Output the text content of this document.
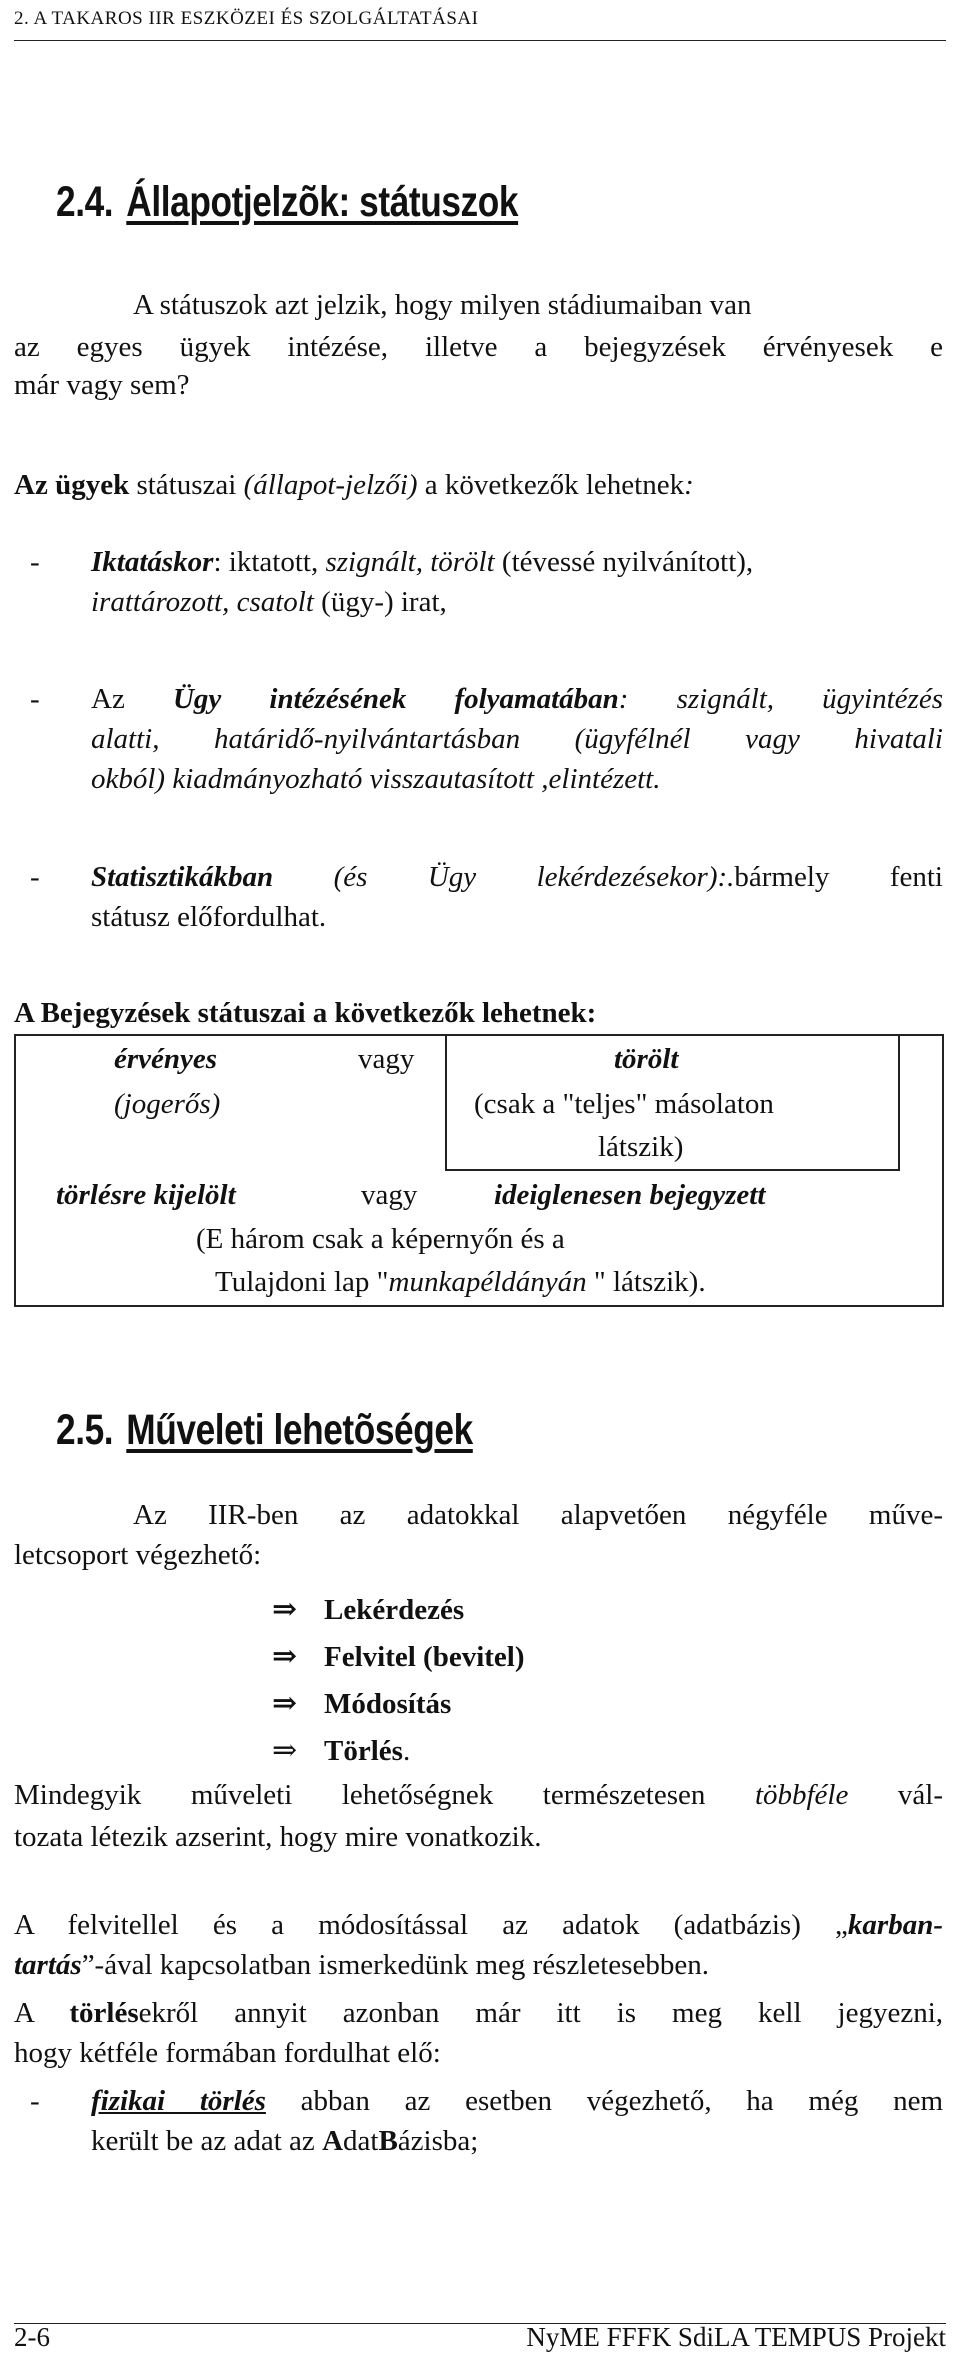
2. A TAKAROS IIR ESZKÖZEI ÉS SZOLGÁLTATÁSAI
2.4. Állapotjelzõk: státuszok
A státuszok azt jelzik, hogy milyen stádiumaiban van
az egyes ügyek intézése, illetve a bejegyzések érvényesek e
már vagy sem?
Az ügyek státuszai (állapot-jelzői) a következők lehetnek:
- Iktatáskor: iktatott, szignált, törölt (tévessé nyilvánított),
irattározott, csatolt (ügy-) irat,
- Az Ügy intézésének folyamatában: szignált, ügyintézés
alatti, határidő-nyilvántartásban (ügyfélnél vagy hivatali
okból) kiadmányozható visszautasított ,elintézett.
- Statisztikákban (és Ügy lekérdezésekor):.bármely fenti
státusz előfordulhat.
A Bejegyzések státuszai a következők lehetnek:
érvényes	vagy	törölt
(jogerős)	(csak a "teljes" másolaton
látszik)
törlésre kijelölt	vagy	ideiglenesen bejegyzett
(E három csak a képernyőn és a
Tulajdoni lap "munkapéldányán " látszik).
2.5. Műveleti lehetõségek
Az IIR-ben az adatokkal alapvetően négyféle műve-
letcsoport végezhető:
⇒ Lekérdezés
⇒ Felvitel (bevitel)
⇒ Módosítás
⇒ Törlés.
Mindegyik műveleti lehetőségnek természetesen többféle vál-
tozata létezik azserint, hogy mire vonatkozik.
A felvitellel és a módosítással az adatok (adatbázis) „karban-
tartás”-ával kapcsolatban ismerkedünk meg részletesebben.
A törlésekről annyit azonban már itt is meg kell jegyezni,
hogy kétféle formában fordulhat elő:
- fizikai törlés abban az esetben végezhető, ha még nem
került be az adat az AdatBázisba;
2-6	NyME FFFK SdiLA TEMPUS Projekt
